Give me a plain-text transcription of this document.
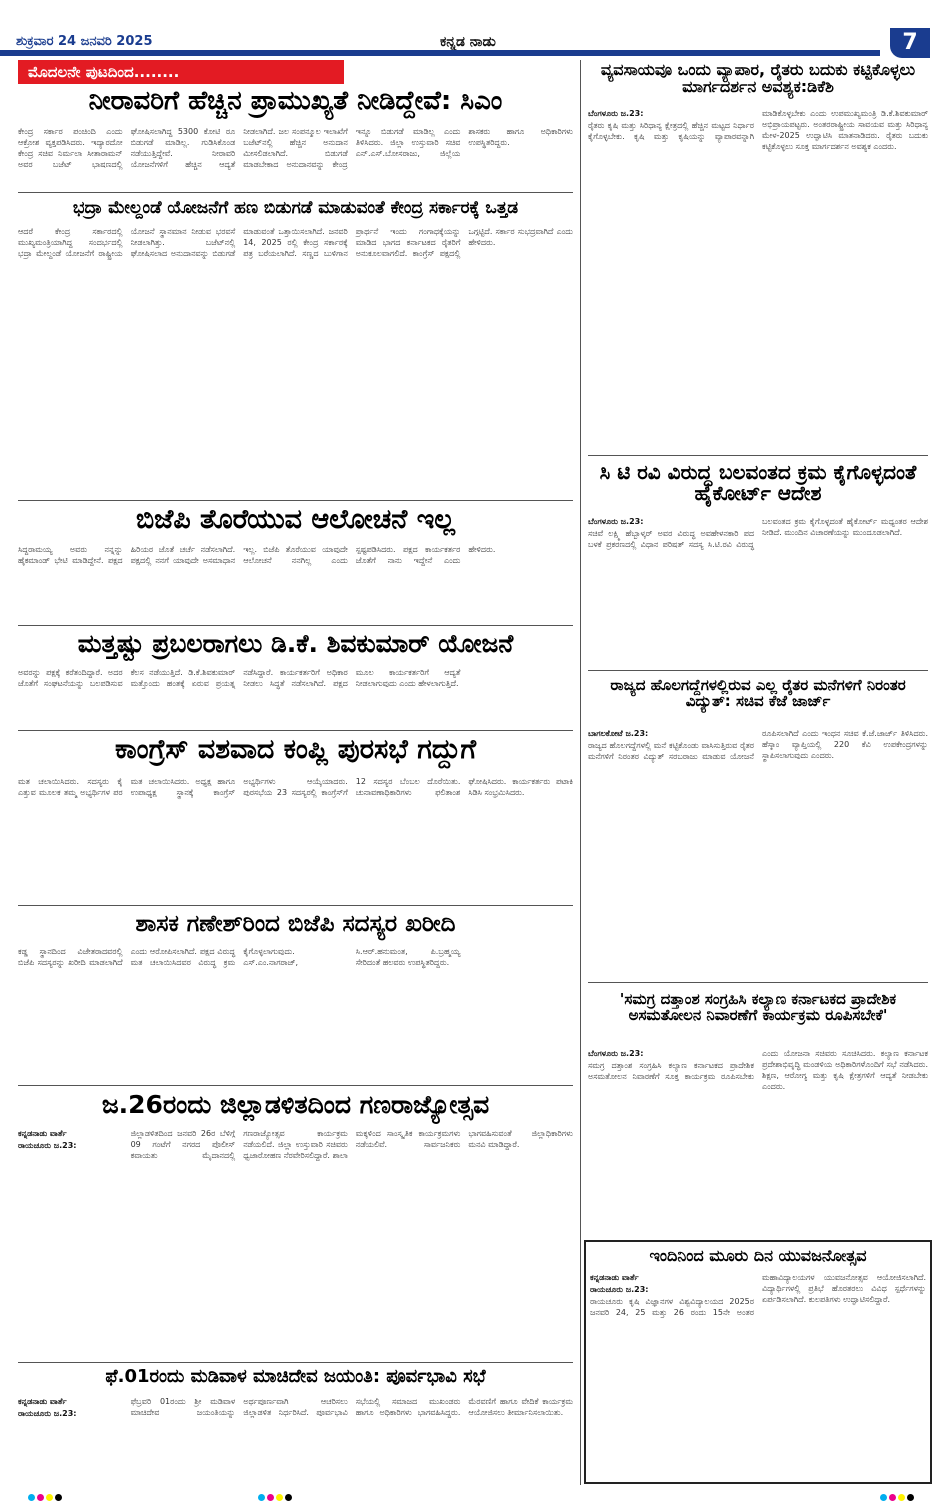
ಶುಕ್ರವಾರ 24 ಜನವರಿ 2025	ಕನ್ನಡ ನಾಡು	7
ಮೊದಲನೇ ಪುಟದಿಂದ........
ನೀರಾವರಿಗೆ ಹೆಚ್ಚಿನ ಪ್ರಾಮುಖ್ಯತೆ ನೀಡಿದ್ದೇವೆ: ಸಿಎಂ
ಕೇಂದ್ರ ಸರ್ಕಾರ ಪಂಚಿಂದಿ ಎಂದು ಆಕ್ರೋಶ ವ್ಯಕ್ತಪಡಿಸಿದರು. ಇದ್ಯಾರದೋ ಕೇಂದ್ರ ಸಚಿವ ನಿರ್ಮಲಾ ಸೀತಾರಾಮನ್ ಅವರ ಬಜೆಟ್ ಭಾಷಣದಲ್ಲಿ ಘೋಷಿಸಲಾಗಿದ್ದ 5300 ಕೋಟಿ ರೂ ಬಿಡುಗಡೆ ಮಾಡಿಲ್ಲ. ಗುಡಿಸಿಕೊಂಡ ನಡೆಯುತ್ತಿದ್ದೇವೆ. ನೀರಾವರಿ ಯೋಜನೆಗಳಿಗೆ ಹೆಚ್ಚಿನ ಆದ್ಯತೆ ನೀಡಲಾಗಿದೆ. ಜಲ ಸಂಪನ್ಮೂಲ ಇಲಾಖೆಗೆ ಬಜೆಟ್‌ನಲ್ಲಿ ಹೆಚ್ಚಿನ ಅನುದಾನ ಮೀಸಲಿಡಲಾಗಿದೆ. ಬಿಡುಗಡೆ ಮಾಡಬೇಕಾದ ಅನುದಾನವನ್ನು ಕೇಂದ್ರ ಇನ್ನೂ ಬಿಡುಗಡೆ ಮಾಡಿಲ್ಲ ಎಂದು ತಿಳಿಸಿದರು. ಜಿಲ್ಲಾ ಉಸ್ತುವಾರಿ ಸಚಿವ ಎನ್.ಎಸ್.ಬೋಸರಾಜು, ಜಿಲ್ಲೆಯ ಶಾಸಕರು ಹಾಗೂ ಅಧಿಕಾರಿಗಳು ಉಪಸ್ಥಿತರಿದ್ದರು.
ಭದ್ರಾ ಮೇಲ್ದಂಡೆ ಯೋಜನೆಗೆ ಹಣ ಬಿಡುಗಡೆ ಮಾಡುವಂತೆ ಕೇಂದ್ರ ಸರ್ಕಾರಕ್ಕೆ ಒತ್ತಡ
ಆದರೆ ಕೇಂದ್ರ ಸರ್ಕಾರದಲ್ಲಿ ಮುಖ್ಯಮಂತ್ರಿಯಾಗಿದ್ದ ಸಂದರ್ಭದಲ್ಲಿ ಭದ್ರಾ ಮೇಲ್ದಂಡೆ ಯೋಜನೆಗೆ ರಾಷ್ಟ್ರೀಯ ಯೋಜನೆ ಸ್ಥಾನಮಾನ ನೀಡುವ ಭರವಸೆ ನೀಡಲಾಗಿತ್ತು. ಬಜೆಟ್‌ನಲ್ಲಿ ಘೋಷಿಸಲಾದ ಅನುದಾನವನ್ನು ಬಿಡುಗಡೆ ಮಾಡುವಂತೆ ಒತ್ತಾಯಿಸಲಾಗಿದೆ. ಜನವರಿ 14, 2025 ರಲ್ಲಿ ಕೇಂದ್ರ ಸರ್ಕಾರಕ್ಕೆ ಪತ್ರ ಬರೆಯಲಾಗಿದೆ. ಸಣ್ಣದ ಬುಳಿಗಾನ ಪ್ರಾರ್ಥನೆ ಇಂದು ಗಂಗಾಧಕ್ಕೆಯನ್ನು ಮಾಡಿದ ಭಾಗದ ಕರ್ನಾಟಕದ ರೈತರಿಗೆ ಅನುಕೂಲವಾಗಲಿದೆ. ಕಾಂಗ್ರೆಸ್ ಪಕ್ಷದಲ್ಲಿ ಒಗ್ಗಟ್ಟಿದೆ. ಸರ್ಕಾರ ಸುಭದ್ರವಾಗಿದೆ ಎಂದು ಹೇಳಿದರು.
ಬಿಜೆಪಿ ತೊರೆಯುವ ಆಲೋಚನೆ ಇಲ್ಲ
ಸಿದ್ದರಾಮಯ್ಯ ಅವರು ನನ್ನನ್ನು ಹೈಕಮಾಂಡ್ ಭೇಟಿ ಮಾಡಿದ್ದೇನೆ. ಪಕ್ಷದ ಹಿರಿಯರ ಜೊತೆ ಚರ್ಚೆ ನಡೆಸಲಾಗಿದೆ. ಪಕ್ಷದಲ್ಲಿ ನನಗೆ ಯಾವುದೇ ಅಸಮಾಧಾನ ಇಲ್ಲ. ಬಿಜೆಪಿ ತೊರೆಯುವ ಯಾವುದೇ ಆಲೋಚನೆ ನನಗಿಲ್ಲ ಎಂದು ಸ್ಪಷ್ಟಪಡಿಸಿದರು. ಪಕ್ಷದ ಕಾರ್ಯಕರ್ತರ ಜೊತೆಗೆ ನಾನು ಇದ್ದೇನೆ ಎಂದು ಹೇಳಿದರು.
ಮತ್ತಷ್ಟು ಪ್ರಬಲರಾಗಲು ಡಿ.ಕೆ. ಶಿವಕುಮಾರ್ ಯೋಜನೆ
ಅವರನ್ನು ಪಕ್ಷಕ್ಕೆ ಕರೆತಂದಿದ್ದಾರೆ. ಅದರ ಜೊತೆಗೆ ಸಂಘಟನೆಯನ್ನು ಬಲಪಡಿಸುವ ಕೆಲಸ ನಡೆಯುತ್ತಿದೆ. ಡಿ.ಕೆ.ಶಿವಕುಮಾರ್ ಮತ್ತೊಂದು ಹಂತಕ್ಕೆ ಏರುವ ಪ್ರಯತ್ನ ನಡೆಸಿದ್ದಾರೆ. ಕಾರ್ಯಕರ್ತರಿಗೆ ಅಧಿಕಾರ ನೀಡಲು ಸಿದ್ಧತೆ ನಡೆಸಲಾಗಿದೆ. ಪಕ್ಷದ ಮೂಲ ಕಾರ್ಯಕರ್ತರಿಗೆ ಆದ್ಯತೆ ನೀಡಲಾಗುವುದು ಎಂದು ಹೇಳಲಾಗುತ್ತಿದೆ.
ಕಾಂಗ್ರೆಸ್ ವಶವಾದ ಕಂಪ್ಲಿ ಪುರಸಭೆ ಗದ್ದುಗೆ
ಮತ ಚಲಾಯಿಸಿದರು. ಸದಸ್ಯರು ಕೈ ಎತ್ತುವ ಮೂಲಕ ತಮ್ಮ ಅಭ್ಯರ್ಥಿಗಳ ಪರ ಮತ ಚಲಾಯಿಸಿದರು. ಅಧ್ಯಕ್ಷ ಹಾಗೂ ಉಪಾಧ್ಯಕ್ಷ ಸ್ಥಾನಕ್ಕೆ ಕಾಂಗ್ರೆಸ್ ಅಭ್ಯರ್ಥಿಗಳು ಆಯ್ಕೆಯಾದರು. ಪುರಸಭೆಯ 23 ಸದಸ್ಯರಲ್ಲಿ ಕಾಂಗ್ರೆಸ್‌ಗೆ 12 ಸದಸ್ಯರ ಬೆಂಬಲ ದೊರೆಯಿತು. ಚುನಾವಣಾಧಿಕಾರಿಗಳು ಫಲಿತಾಂಶ ಘೋಷಿಸಿದರು. ಕಾರ್ಯಕರ್ತರು ಪಟಾಕಿ ಸಿಡಿಸಿ ಸಂಭ್ರಮಿಸಿದರು.
ಶಾಸಕ ಗಣೇಶ್‌ರಿಂದ ಬಿಜೆಪಿ ಸದಸ್ಯರ ಖರೀದಿ
ಕಡ್ಡ ಸ್ಥಾನದಿಂದ ವಿಜೇತರಾದವರಲ್ಲಿ ಬಿಜೆಪಿ ಸದಸ್ಯರನ್ನು ಖರೀದಿ ಮಾಡಲಾಗಿದೆ ಎಂದು ಆರೋಪಿಸಲಾಗಿದೆ. ಪಕ್ಷದ ವಿರುದ್ಧ ಮತ ಚಲಾಯಿಸಿದವರ ವಿರುದ್ಧ ಕ್ರಮ ಕೈಗೊಳ್ಳಲಾಗುವುದು. ಎಸ್.ಎಂ.ನಾಗರಾಜ್, ಸಿ.ಆರ್.ಹನುಮಂತ, ಪಿ.ಬ್ರಹ್ಮಯ್ಯ ಸೇರಿದಂತೆ ಹಲವರು ಉಪಸ್ಥಿತರಿದ್ದರು.
ಜ.26ರಂದು ಜಿಲ್ಲಾಡಳಿತದಿಂದ ಗಣರಾಜ್ಯೋತ್ಸವ

ಕನ್ನಡನಾಡು ವಾರ್ತೆ

ರಾಯಚೂರು ಜ.23:

ಜಿಲ್ಲಾಡಳಿತದಿಂದ ಜನವರಿ 26ರ ಬೆಳಿಗ್ಗೆ 09 ಗಂಟೆಗೆ ನಗರದ ಪೊಲೀಸ್ ಕವಾಯತು ಮೈದಾನದಲ್ಲಿ ಗಣರಾಜ್ಯೋತ್ಸವ ಕಾರ್ಯಕ್ರಮ ನಡೆಯಲಿದೆ. ಜಿಲ್ಲಾ ಉಸ್ತುವಾರಿ ಸಚಿವರು ಧ್ವಜಾರೋಹಣ ನೆರವೇರಿಸಲಿದ್ದಾರೆ. ಶಾಲಾ ಮಕ್ಕಳಿಂದ ಸಾಂಸ್ಕೃತಿಕ ಕಾರ್ಯಕ್ರಮಗಳು ನಡೆಯಲಿವೆ. ಸಾರ್ವಜನಿಕರು ಭಾಗವಹಿಸುವಂತೆ ಜಿಲ್ಲಾಧಿಕಾರಿಗಳು ಮನವಿ ಮಾಡಿದ್ದಾರೆ.

ಫೆ.01ರಂದು ಮಡಿವಾಳ ಮಾಚಿದೇವ ಜಯಂತಿ: ಪೂರ್ವಭಾವಿ ಸಭೆ

ಕನ್ನಡನಾಡು ವಾರ್ತೆ

ರಾಯಚೂರು ಜ.23:

ಫೆಬ್ರವರಿ 01ರಂದು ಶ್ರೀ ಮಡಿವಾಳ ಮಾಚಿದೇವ ಜಯಂತಿಯನ್ನು ಅರ್ಥಪೂರ್ಣವಾಗಿ ಆಚರಿಸಲು ಜಿಲ್ಲಾಡಳಿತ ನಿರ್ಧರಿಸಿದೆ. ಪೂರ್ವಭಾವಿ ಸಭೆಯಲ್ಲಿ ಸಮಾಜದ ಮುಖಂಡರು ಹಾಗೂ ಅಧಿಕಾರಿಗಳು ಭಾಗವಹಿಸಿದ್ದರು. ಮೆರವಣಿಗೆ ಹಾಗೂ ವೇದಿಕೆ ಕಾರ್ಯಕ್ರಮ ಆಯೋಜಿಸಲು ತೀರ್ಮಾನಿಸಲಾಯಿತು.

ವ್ಯವಸಾಯವೂ ಒಂದು ವ್ಯಾಪಾರ, ರೈತರು ಬದುಕು ಕಟ್ಟಿಕೊಳ್ಳಲು ಮಾರ್ಗದರ್ಶನ ಅವಶ್ಯಕ:ಡಿಕೆಶಿ

ಬೆಂಗಳೂರು ಜ.23:

ರೈತರು ಕೃಷಿ ಮತ್ತು ಸಿರಿಧಾನ್ಯ ಕ್ಷೇತ್ರದಲ್ಲಿ ಹೆಚ್ಚಿನ ಮಟ್ಟದ ನಿರ್ಧಾರ ಕೈಗೊಳ್ಳಬೇಕು. ಕೃಷಿ ಮತ್ತು ಕೃಷಿಯನ್ನು ವ್ಯಾಪಾರವನ್ನಾಗಿ ಮಾಡಿಕೊಳ್ಳಬೇಕು ಎಂದು ಉಪಮುಖ್ಯಮಂತ್ರಿ ಡಿ.ಕೆ.ಶಿವಕುಮಾರ್ ಅಭಿಪ್ರಾಯಪಟ್ಟರು. ಅಂತರರಾಷ್ಟ್ರೀಯ ಸಾವಯವ ಮತ್ತು ಸಿರಿಧಾನ್ಯ ಮೇಳ-2025 ಉದ್ಘಾಟಿಸಿ ಮಾತನಾಡಿದರು. ರೈತರು ಬದುಕು ಕಟ್ಟಿಕೊಳ್ಳಲು ಸೂಕ್ತ ಮಾರ್ಗದರ್ಶನ ಅವಶ್ಯಕ ಎಂದರು.

ಸಿ ಟಿ ರವಿ ವಿರುದ್ಧ ಬಲವಂತದ ಕ್ರಮ ಕೈಗೊಳ್ಳದಂತೆ ಹೈಕೋರ್ಟ್ ಆದೇಶ

ಬೆಂಗಳೂರು ಜ.23:

ಸಚಿವೆ ಲಕ್ಷ್ಮಿ ಹೆಬ್ಬಾಳ್ಕರ್ ಅವರ ವಿರುದ್ಧ ಅವಹೇಳನಕಾರಿ ಪದ ಬಳಕೆ ಪ್ರಕರಣದಲ್ಲಿ ವಿಧಾನ ಪರಿಷತ್ ಸದಸ್ಯ ಸಿ.ಟಿ.ರವಿ ವಿರುದ್ಧ ಬಲವಂತದ ಕ್ರಮ ಕೈಗೊಳ್ಳದಂತೆ ಹೈಕೋರ್ಟ್ ಮಧ್ಯಂತರ ಆದೇಶ ನೀಡಿದೆ. ಮುಂದಿನ ವಿಚಾರಣೆಯನ್ನು ಮುಂದೂಡಲಾಗಿದೆ.

ರಾಜ್ಯದ ಹೊಲಗದ್ದೆಗಳಲ್ಲಿರುವ ಎಲ್ಲ ರೈತರ ಮನೆಗಳಿಗೆ ನಿರಂತರ ವಿದ್ಯುತ್: ಸಚಿವ ಕೆಜೆ ಜಾರ್ಜ್

ಬಾಗಲಕೋಟೆ ಜ.23:

ರಾಜ್ಯದ ಹೊಲಗದ್ದೆಗಳಲ್ಲಿ ಮನೆ ಕಟ್ಟಿಕೊಂಡು ವಾಸಿಸುತ್ತಿರುವ ರೈತರ ಮನೆಗಳಿಗೆ ನಿರಂತರ ವಿದ್ಯುತ್ ಸರಬರಾಜು ಮಾಡುವ ಯೋಜನೆ ರೂಪಿಸಲಾಗಿದೆ ಎಂದು ಇಂಧನ ಸಚಿವ ಕೆ.ಜೆ.ಜಾರ್ಜ್ ತಿಳಿಸಿದರು. ಹೆಸ್ಕಾಂ ವ್ಯಾಪ್ತಿಯಲ್ಲಿ 220 ಕೆವಿ ಉಪಕೇಂದ್ರಗಳನ್ನು ಸ್ಥಾಪಿಸಲಾಗುವುದು ಎಂದರು.

'ಸಮಗ್ರ ದತ್ತಾಂಶ ಸಂಗ್ರಹಿಸಿ ಕಲ್ಯಾಣ ಕರ್ನಾಟಕದ ಪ್ರಾದೇಶಿಕ ಅಸಮತೋಲನ ನಿವಾರಣೆಗೆ ಕಾರ್ಯಕ್ರಮ ರೂಪಿಸಬೇಕೆ'

ಬೆಂಗಳೂರು ಜ.23:

ಸಮಗ್ರ ದತ್ತಾಂಶ ಸಂಗ್ರಹಿಸಿ ಕಲ್ಯಾಣ ಕರ್ನಾಟಕದ ಪ್ರಾದೇಶಿಕ ಅಸಮತೋಲನ ನಿವಾರಣೆಗೆ ಸೂಕ್ತ ಕಾರ್ಯಕ್ರಮ ರೂಪಿಸಬೇಕು ಎಂದು ಯೋಜನಾ ಸಚಿವರು ಸೂಚಿಸಿದರು. ಕಲ್ಯಾಣ ಕರ್ನಾಟಕ ಪ್ರದೇಶಾಭಿವೃದ್ಧಿ ಮಂಡಳಿಯ ಅಧಿಕಾರಿಗಳೊಂದಿಗೆ ಸಭೆ ನಡೆಸಿದರು. ಶಿಕ್ಷಣ, ಆರೋಗ್ಯ ಮತ್ತು ಕೃಷಿ ಕ್ಷೇತ್ರಗಳಿಗೆ ಆದ್ಯತೆ ನೀಡಬೇಕು ಎಂದರು.

ಇಂದಿನಿಂದ ಮೂರು ದಿನ ಯುವಜನೋತ್ಸವ

ಕನ್ನಡನಾಡು ವಾರ್ತೆ

ರಾಯಚೂರು ಜ.23:

ರಾಯಚೂರು ಕೃಷಿ ವಿಜ್ಞಾನಗಳ ವಿಶ್ವವಿದ್ಯಾಲಯದ 2025ರ ಜನವರಿ 24, 25 ಮತ್ತು 26 ರಂದು 15ನೇ ಅಂತರ ಮಹಾವಿದ್ಯಾಲಯಗಳ ಯುವಜನೋತ್ಸವ ಆಯೋಜಿಸಲಾಗಿದೆ. ವಿದ್ಯಾರ್ಥಿಗಳಲ್ಲಿ ಪ್ರತಿಭೆ ಹೊರತರಲು ವಿವಿಧ ಸ್ಪರ್ಧೆಗಳನ್ನು ಏರ್ಪಡಿಸಲಾಗಿದೆ. ಕುಲಪತಿಗಳು ಉದ್ಘಾಟಿಸಲಿದ್ದಾರೆ.
